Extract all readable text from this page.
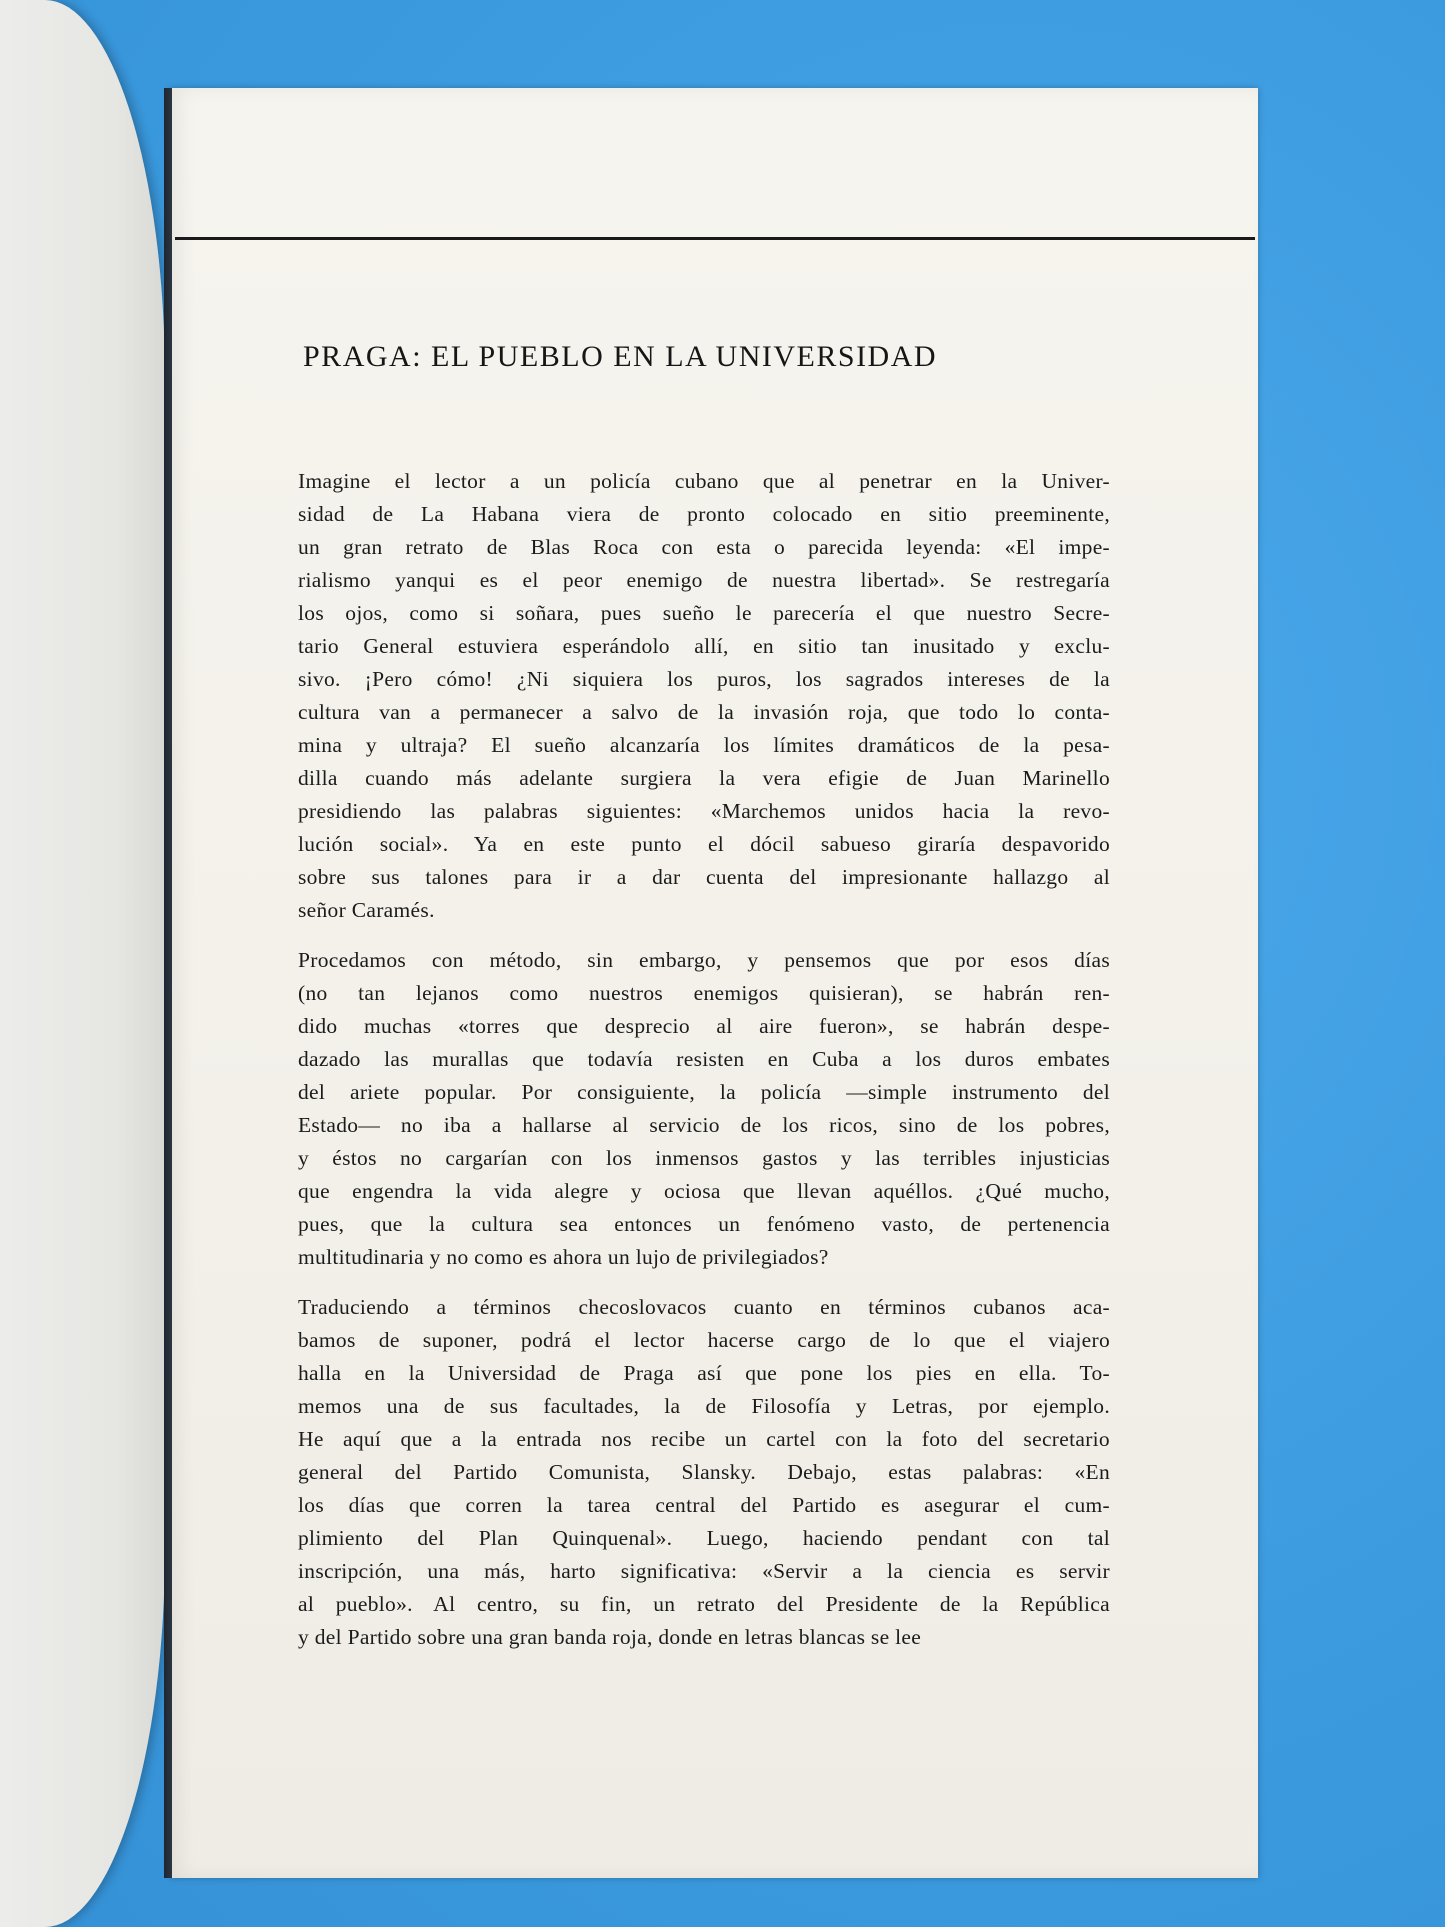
PRAGA: EL PUEBLO EN LA UNIVERSIDAD

Imagine el lector a un policía cubano que al penetrar en la Univer-
sidad de La Habana viera de pronto colocado en sitio preeminente,
un gran retrato de Blas Roca con esta o parecida leyenda: «El impe-
rialismo yanqui es el peor enemigo de nuestra libertad». Se restregaría
los ojos, como si soñara, pues sueño le parecería el que nuestro Secre-
tario General estuviera esperándolo allí, en sitio tan inusitado y exclu-
sivo. ¡Pero cómo! ¿Ni siquiera los puros, los sagrados intereses de la
cultura van a permanecer a salvo de la invasión roja, que todo lo conta-
mina y ultraja? El sueño alcanzaría los límites dramáticos de la pesa-
dilla cuando más adelante surgiera la vera efigie de Juan Marinello
presidiendo las palabras siguientes: «Marchemos unidos hacia la revo-
lución social». Ya en este punto el dócil sabueso giraría despavorido
sobre sus talones para ir a dar cuenta del impresionante hallazgo al
señor Caramés.

Procedamos con método, sin embargo, y pensemos que por esos días
(no tan lejanos como nuestros enemigos quisieran), se habrán ren-
dido muchas «torres que desprecio al aire fueron», se habrán despe-
dazado las murallas que todavía resisten en Cuba a los duros embates
del ariete popular. Por consiguiente, la policía —simple instrumento del
Estado— no iba a hallarse al servicio de los ricos, sino de los pobres,
y éstos no cargarían con los inmensos gastos y las terribles injusticias
que engendra la vida alegre y ociosa que llevan aquéllos. ¿Qué mucho,
pues, que la cultura sea entonces un fenómeno vasto, de pertenencia
multitudinaria y no como es ahora un lujo de privilegiados?

Traduciendo a términos checoslovacos cuanto en términos cubanos aca-
bamos de suponer, podrá el lector hacerse cargo de lo que el viajero
halla en la Universidad de Praga así que pone los pies en ella. To-
memos una de sus facultades, la de Filosofía y Letras, por ejemplo.
He aquí que a la entrada nos recibe un cartel con la foto del secretario
general del Partido Comunista, Slansky. Debajo, estas palabras: «En
los días que corren la tarea central del Partido es asegurar el cum-
plimiento del Plan Quinquenal». Luego, haciendo pendant con tal
inscripción, una más, harto significativa: «Servir a la ciencia es servir
al pueblo». Al centro, su fin, un retrato del Presidente de la República
y del Partido sobre una gran banda roja, donde en letras blancas se lee
